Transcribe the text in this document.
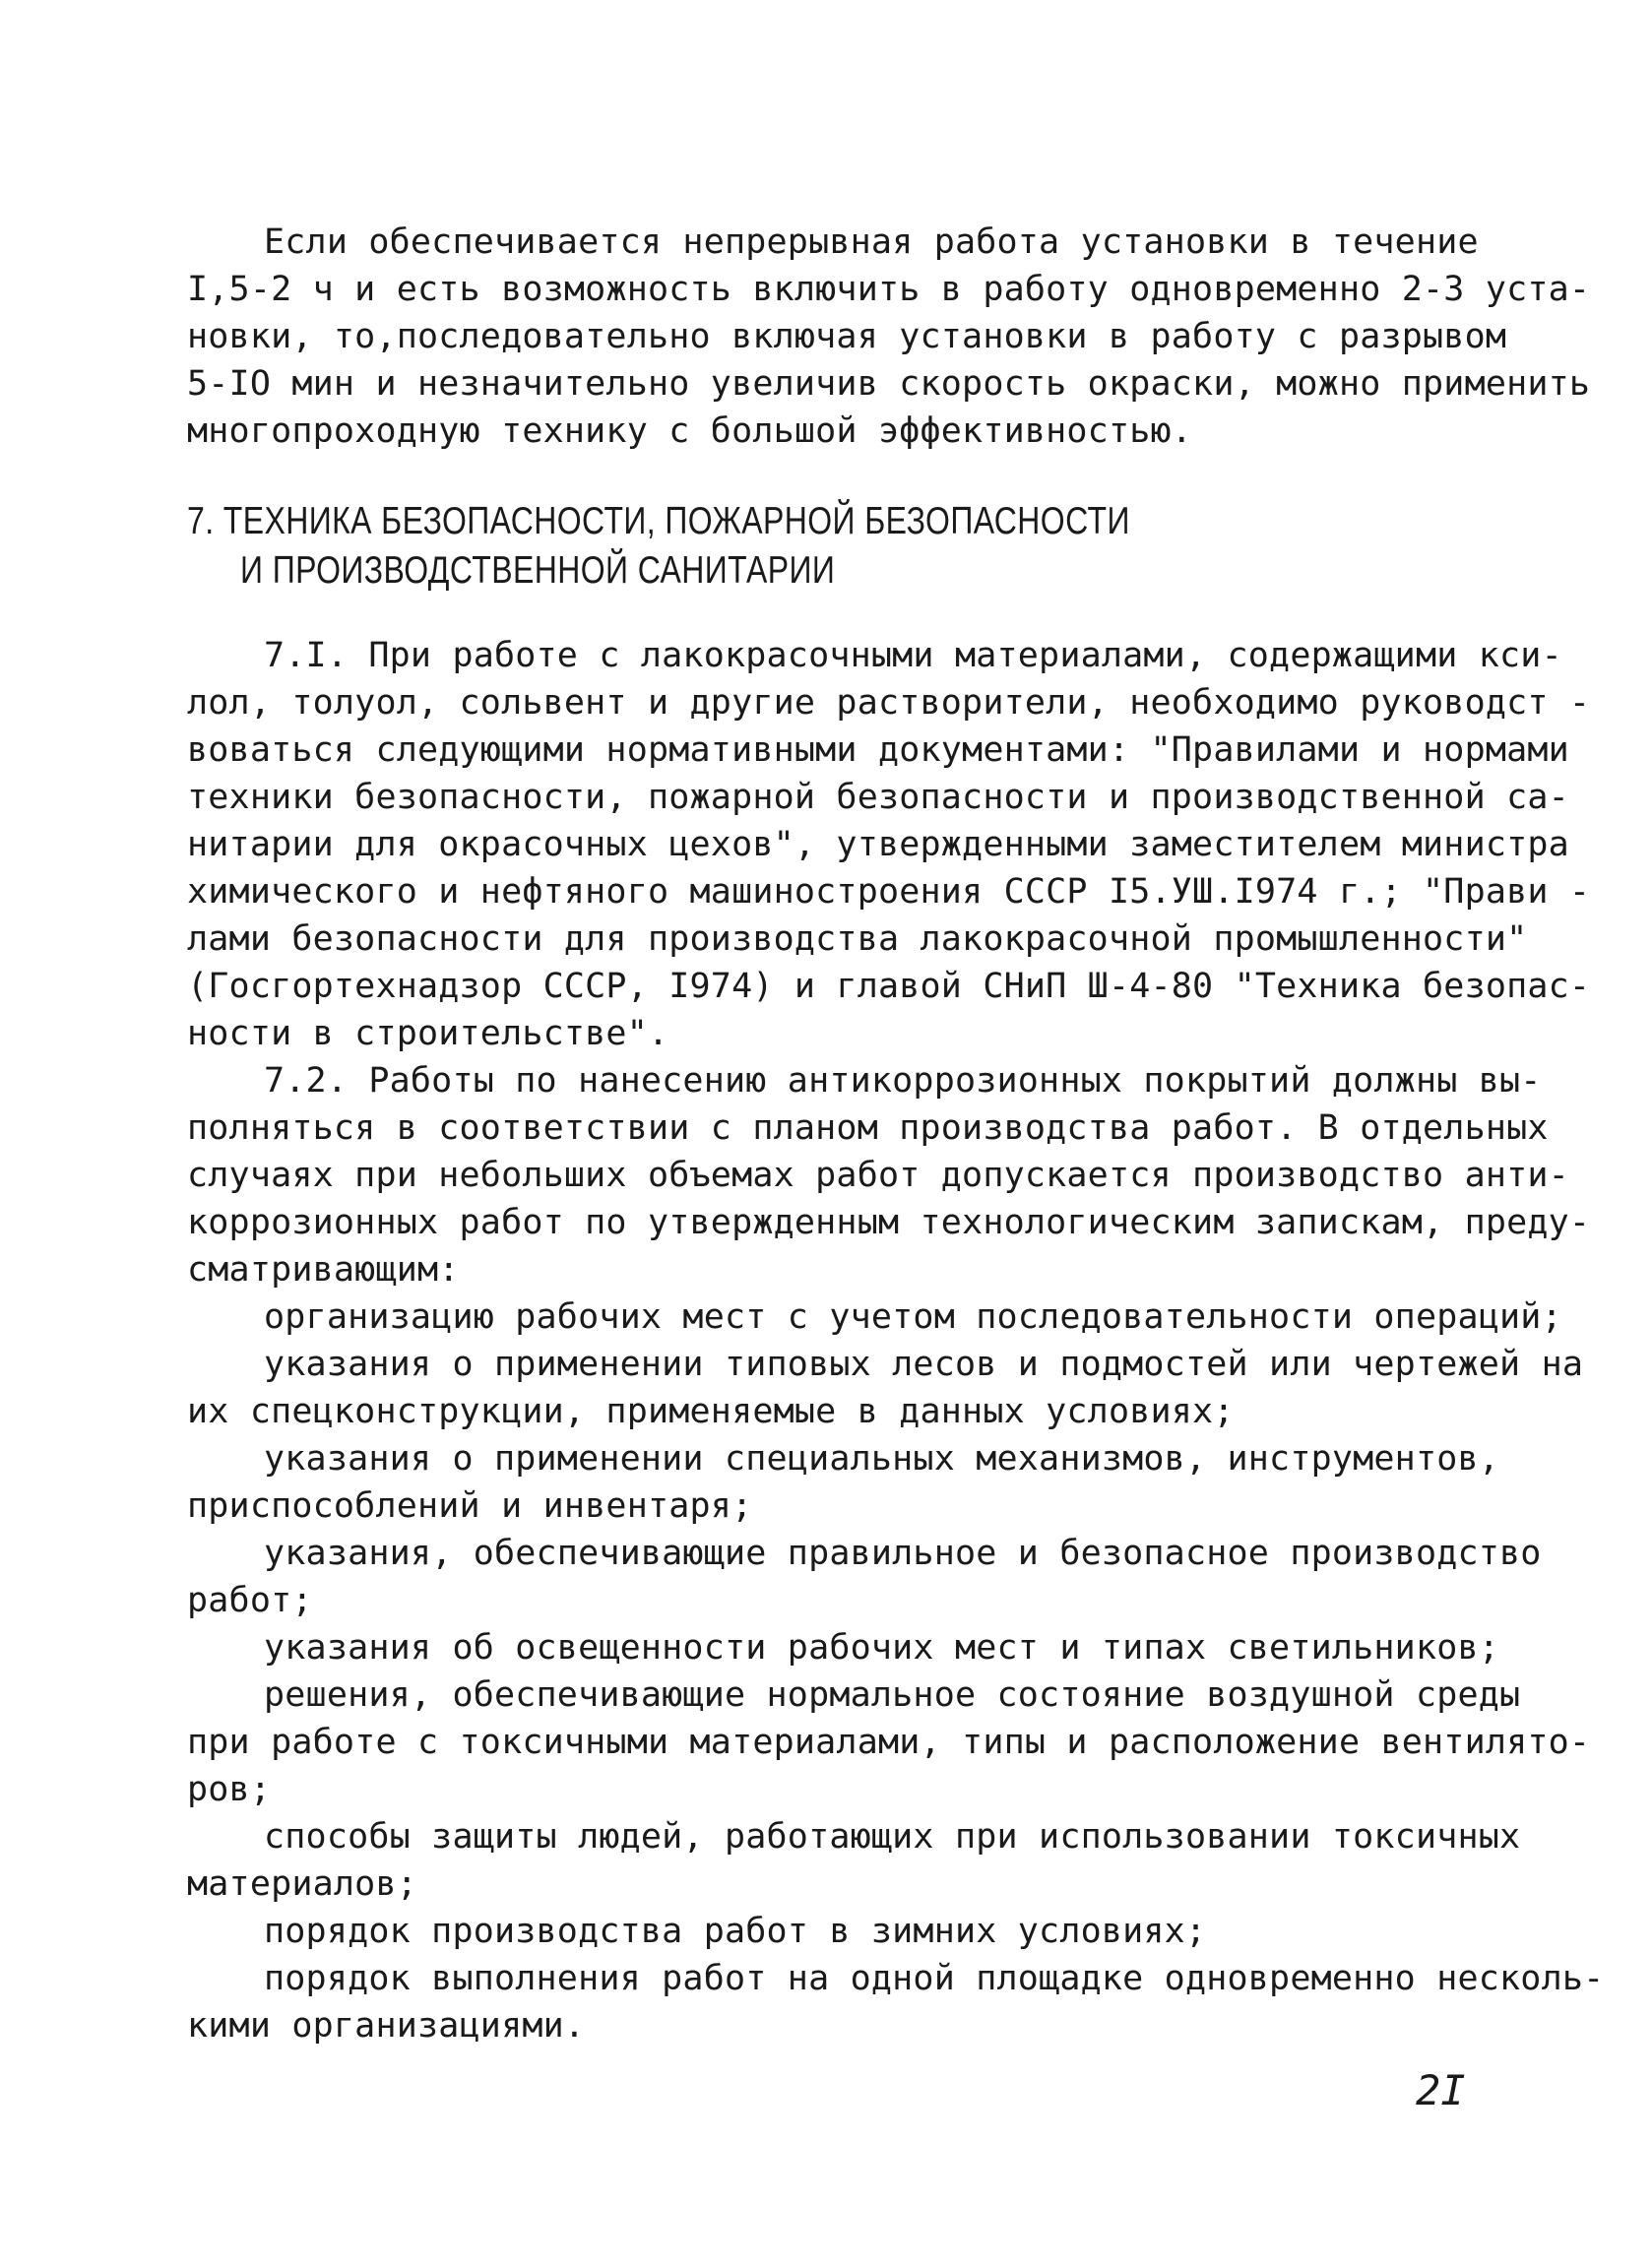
Если обеспечивается непрерывная работа установки в течение
I,5-2 ч и есть возможность включить в работу одновременно 2-3 уста-
новки, то,последовательно включая установки в работу с разрывом
5-IO мин и незначительно увеличив скорость окраски, можно применить
многопроходную технику с большой эффективностью.
7. ТЕХНИКА БЕЗОПАСНОСТИ, ПОЖАРНОЙ БЕЗОПАСНОСТИ
И ПРОИЗВОДСТВЕННОЙ САНИТАРИИ
7.I. При работе с лакокрасочными материалами, содержащими кси-
лол, толуол, сольвент и другие растворители, необходимо руководст -
воваться следующими нормативными документами: "Правилами и нормами
техники безопасности, пожарной безопасности и производственной са-
нитарии для окрасочных цехов", утвержденными заместителем министра
химического и нефтяного машиностроения СССР I5.УШ.I974 г.; "Прави -
лами безопасности для производства лакокрасочной промышленности"
(Госгортехнадзор СССР, I974) и главой СНиП Ш-4-80 "Техника безопас-
ности в строительстве".
7.2. Работы по нанесению антикоррозионных покрытий должны вы-
полняться в соответствии с планом производства работ. В отдельных
случаях при небольших объемах работ допускается производство анти-
коррозионных работ по утвержденным технологическим запискам, преду-
сматривающим:
организацию рабочих мест с учетом последовательности операций;
указания о применении типовых лесов и подмостей или чертежей на
их спецконструкции, применяемые в данных условиях;
указания о применении специальных механизмов, инструментов,
приспособлений и инвентаря;
указания, обеспечивающие правильное и безопасное производство
работ;
указания об освещенности рабочих мест и типах светильников;
решения, обеспечивающие нормальное состояние воздушной среды
при работе с токсичными материалами, типы и расположение вентилято-
ров;
способы защиты людей, работающих при использовании токсичных
материалов;
порядок производства работ в зимних условиях;
порядок выполнения работ на одной площадке одновременно несколь-
кими организациями.
2I
